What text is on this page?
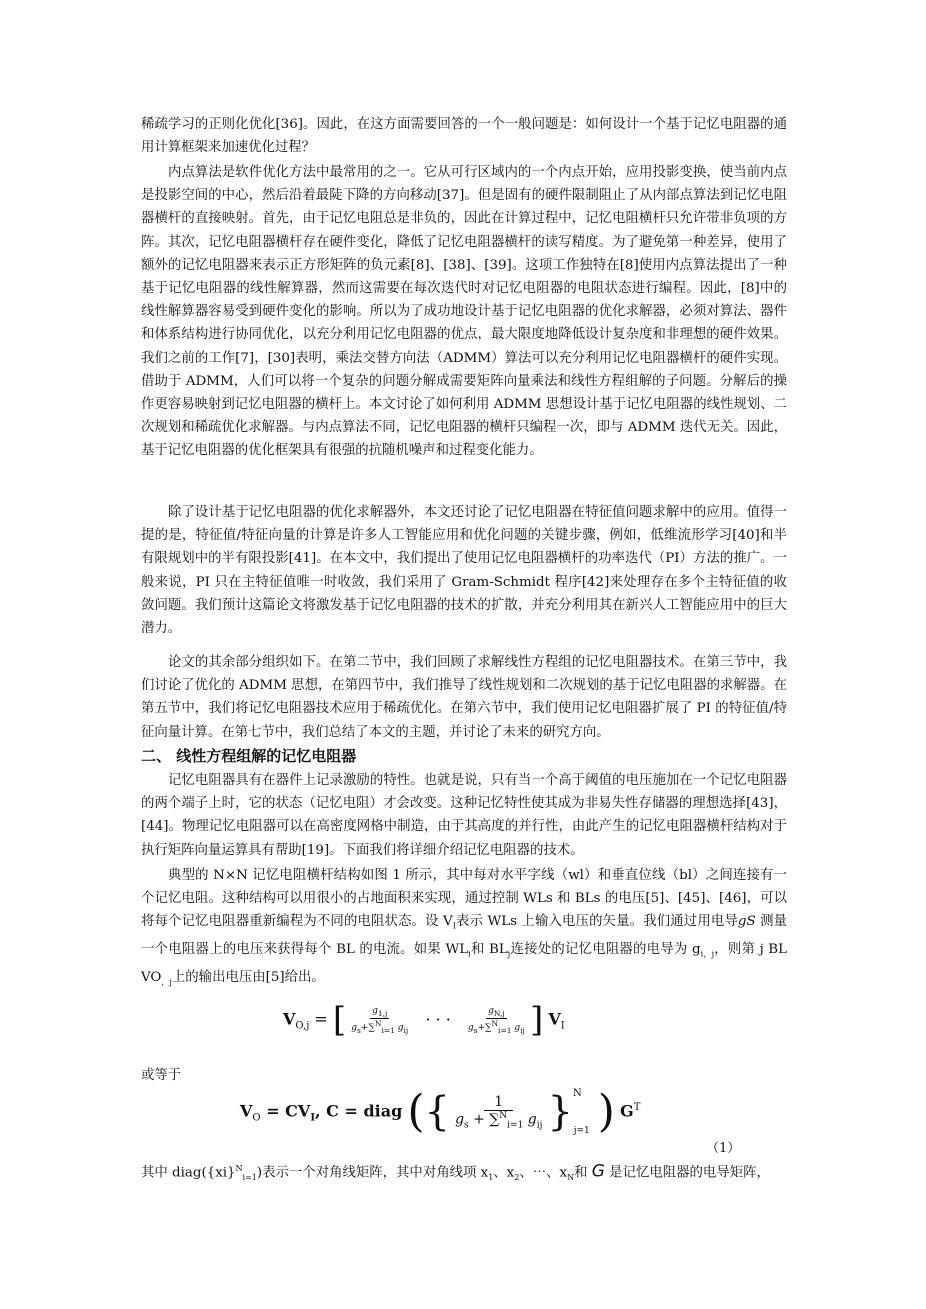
稀疏学习的正则化优化[36]。因此，在这方面需要回答的一个一般问题是：如何设计一个基于记忆电阻器的通用计算框架来加速优化过程？

内点算法是软件优化方法中最常用的之一。它从可行区域内的一个内点开始，应用投影变换，使当前内点是投影空间的中心，然后沿着最陡下降的方向移动[37]。但是固有的硬件限制阻止了从内部点算法到记忆电阻器横杆的直接映射。首先，由于记忆电阻总是非负的，因此在计算过程中，记忆电阻横杆只允许带非负项的方阵。其次，记忆电阻器横杆存在硬件变化，降低了记忆电阻器横杆的读写精度。为了避免第一种差异，使用了额外的记忆电阻器来表示正方形矩阵的负元素[8]、[38]、[39]。这项工作独特在[8]使用内点算法提出了一种基于记忆电阻器的线性解算器，然而这需要在每次迭代时对记忆电阻器的电阻状态进行编程。因此，[8]中的线性解算器容易受到硬件变化的影响。所以为了成功地设计基于记忆电阻器的优化求解器，必须对算法、器件和体系结构进行协同优化，以充分利用记忆电阻器的优点，最大限度地降低设计复杂度和非理想的硬件效果。我们之前的工作[7]，[30]表明，乘法交替方向法（ADMM）算法可以充分利用记忆电阻器横杆的硬件实现。借助于 ADMM，人们可以将一个复杂的问题分解成需要矩阵向量乘法和线性方程组解的子问题。分解后的操作更容易映射到记忆电阻器的横杆上。本文讨论了如何利用 ADMM 思想设计基于记忆电阻器的线性规划、二次规划和稀疏优化求解器。与内点算法不同，记忆电阻器的横杆只编程一次，即与 ADMM 迭代无关。因此，基于记忆电阻器的优化框架具有很强的抗随机噪声和过程变化能力。

除了设计基于记忆电阻器的优化求解器外，本文还讨论了记忆电阻器在特征值问题求解中的应用。值得一提的是，特征值/特征向量的计算是许多人工智能应用和优化问题的关键步骤，例如，低维流形学习[40]和半有限规划中的半有限投影[41]。在本文中，我们提出了使用记忆电阻器横杆的功率迭代（PI）方法的推广。一般来说，PI 只在主特征值唯一时收敛，我们采用了 Gram-Schmidt 程序[42]来处理存在多个主特征值的收敛问题。我们预计这篇论文将激发基于记忆电阻器的技术的扩散，并充分利用其在新兴人工智能应用中的巨大潜力。

论文的其余部分组织如下。在第二节中，我们回顾了求解线性方程组的记忆电阻器技术。在第三节中，我们讨论了优化的 ADMM 思想，在第四节中，我们推导了线性规划和二次规划的基于记忆电阻器的求解器。在第五节中，我们将记忆电阻器技术应用于稀疏优化。在第六节中，我们使用记忆电阻器扩展了 PI 的特征值/特征向量计算。在第七节中，我们总结了本文的主题，并讨论了未来的研究方向。

二、 线性方程组解的记忆电阻器

记忆电阻器具有在器件上记录激励的特性。也就是说，只有当一个高于阈值的电压施加在一个记忆电阻器的两个端子上时，它的状态（记忆电阻）才会改变。这种记忆特性使其成为非易失性存储器的理想选择[43]，[44]。物理记忆电阻器可以在高密度网格中制造，由于其高度的并行性，由此产生的记忆电阻器横杆结构对于执行矩阵向量运算具有帮助[19]。下面我们将详细介绍记忆电阻器的技术。

典型的 N×N 记忆电阻横杆结构如图 1 所示，其中每对水平字线（wl）和垂直位线（bl）之间连接有一个记忆电阻。这种结构可以用很小的占地面积来实现，通过控制 WLs 和 BLs 的电压[5]、[45]、[46]，可以将每个记忆电阻器重新编程为不同的电阻状态。设 $V_I$表示 WLs 上输入电压的矢量。我们通过用电导gS 测量一个电阻器上的电压来获得每个 BL 的电流。如果 $WL_i$和 $BL_j$连接处的记忆电阻器的电导为 $g_{i,j}$，则第 j BL $VO_{,j}$上的输出电压由[5]给出。

$V_{O,j}$ = [ $\frac{g_{1,j}}{g_s+\sum^N_{i=1} g_{ij}}$ · · · $\frac{g_{N,j}}{g_s+\sum^N_{i=1} g_{ij}}$ ] $V_I$
或等于
$V_O = CV_I$, C = diag ({ $\frac{1}{g_s + \sum^N_{i=1} g_{ij}} \}^N_{j=1}$ ) $G^T$
（1）
其中 diag({xi}$^N_{i=1}$)表示一个对角线矩阵，其中对角线项 $x_1$、$x_2$、⋯、$x_N$和 G 是记忆电阻器的电导矩阵，
